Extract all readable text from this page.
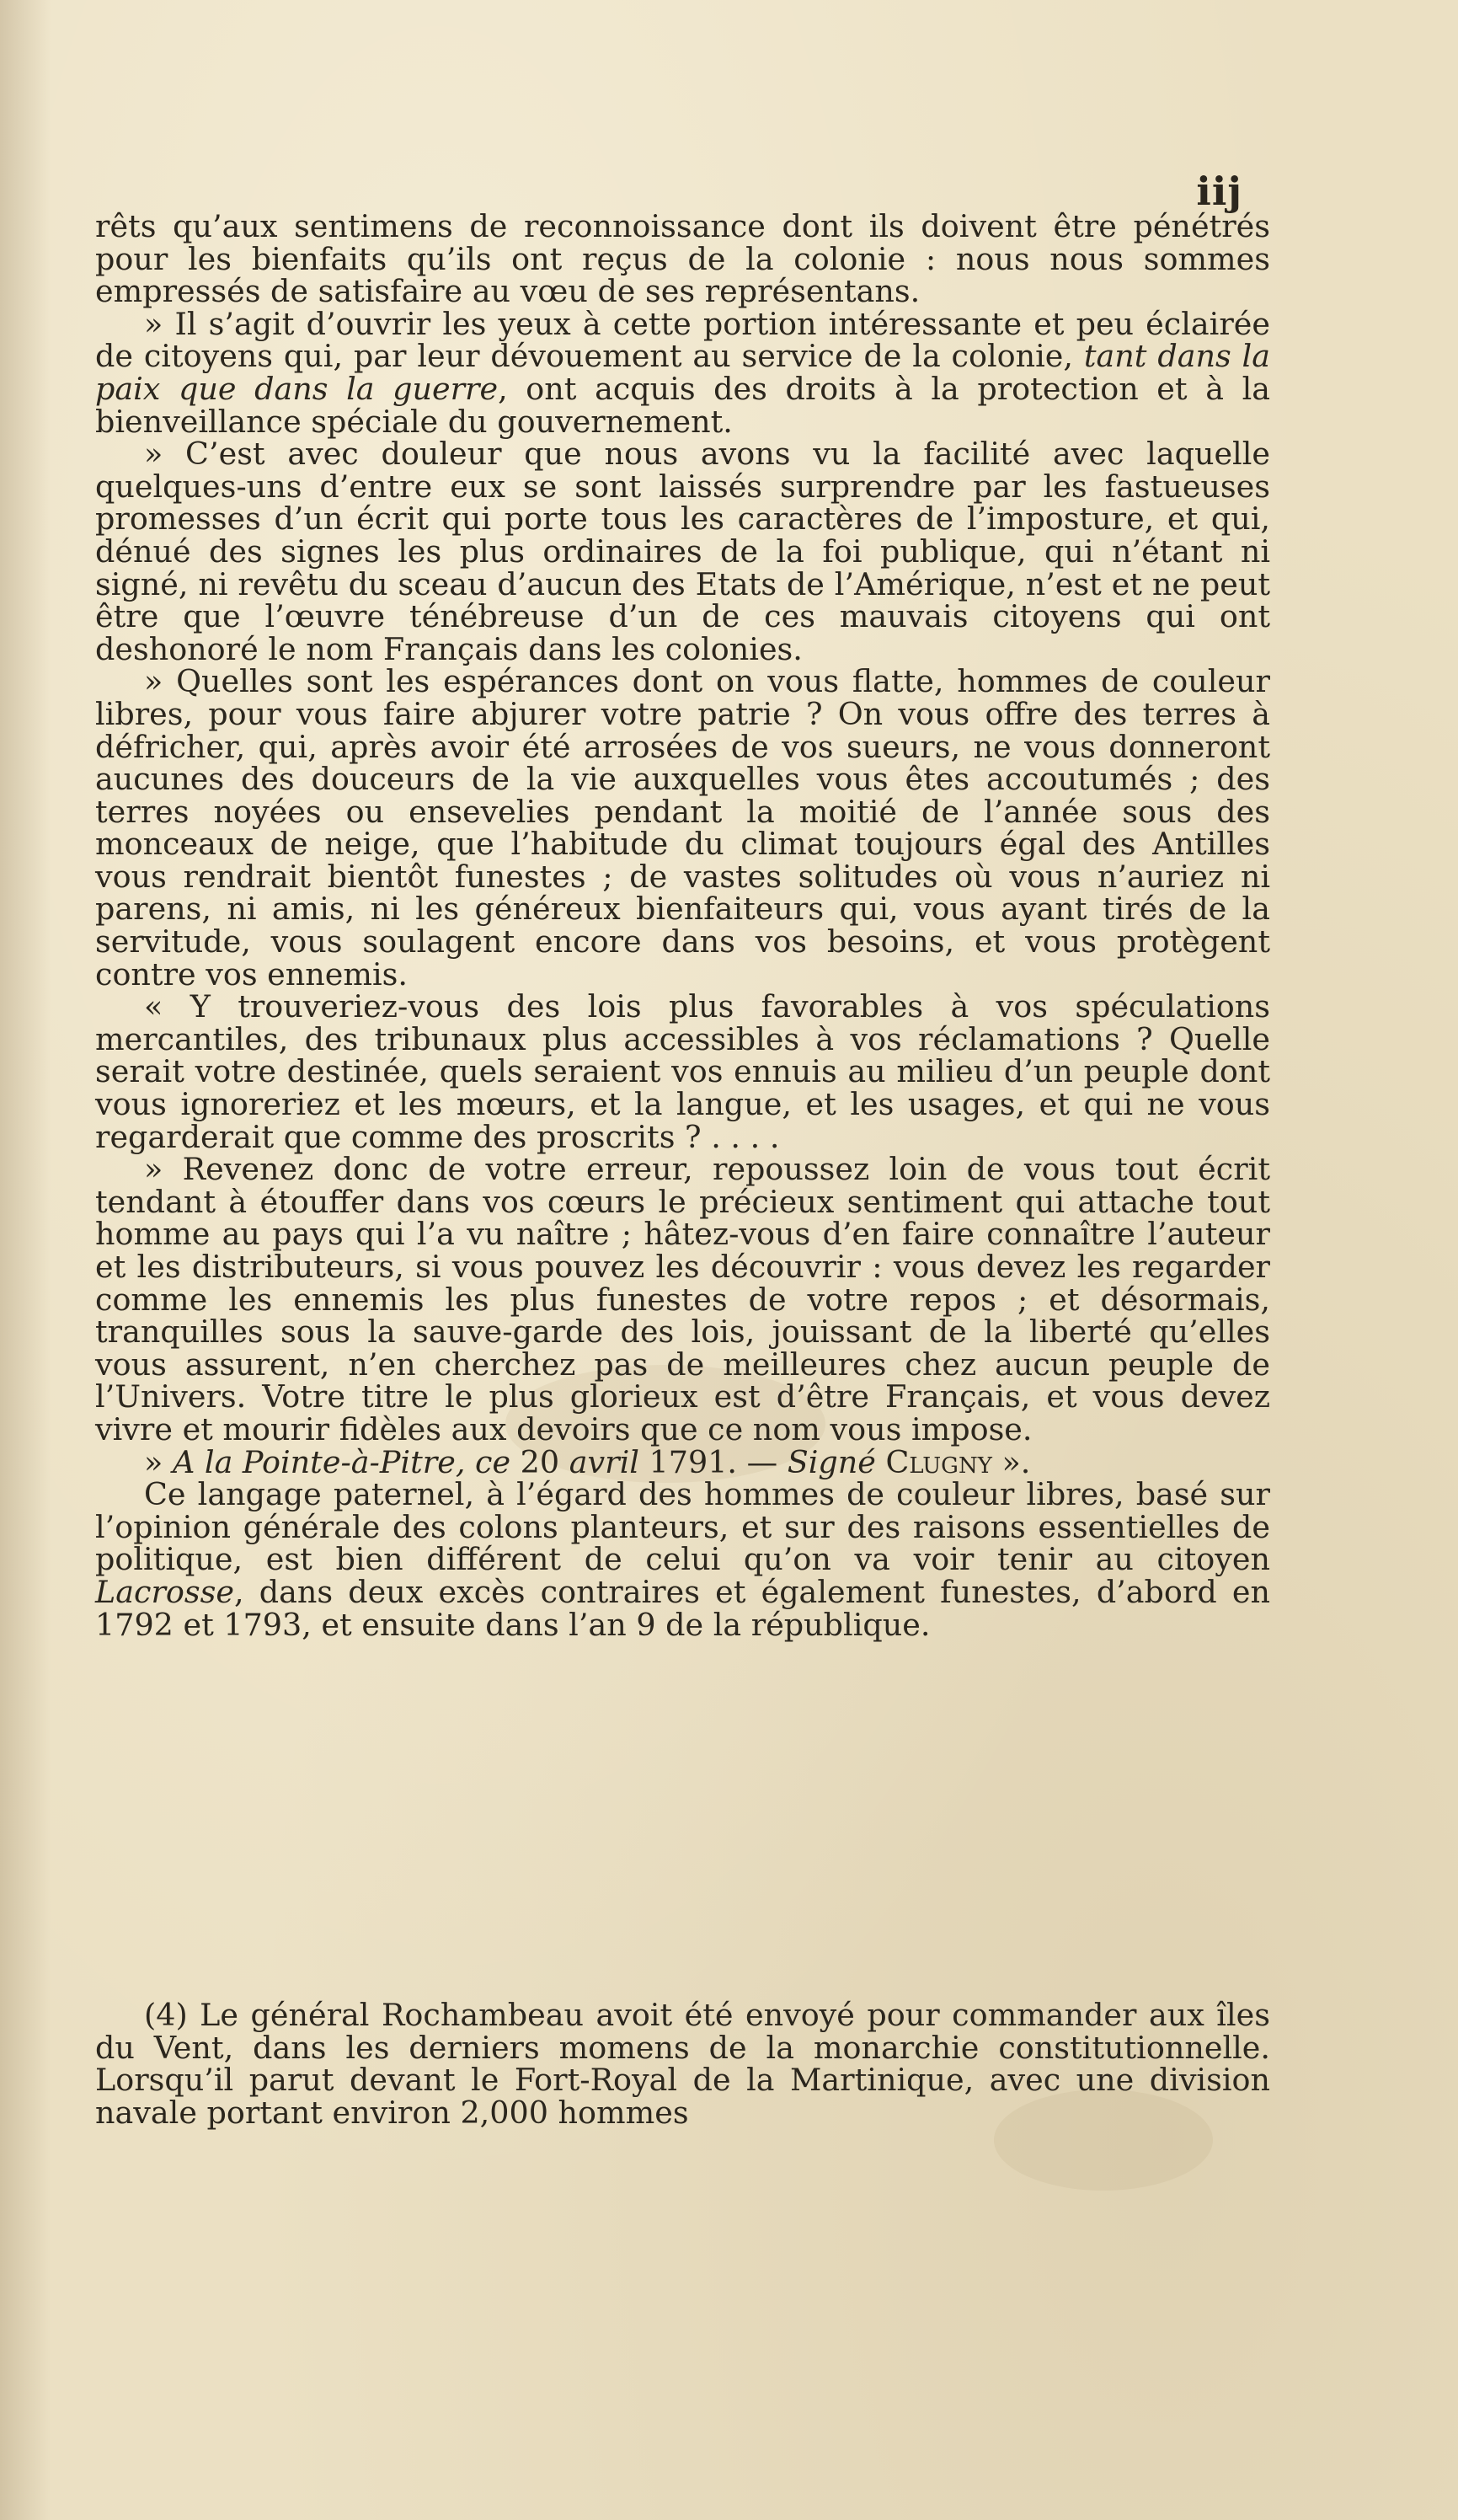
iij

rêts qu’aux sentimens de reconnoissance dont ils doivent être pénétrés pour les bienfaits qu’ils ont reçus de la colonie : nous nous sommes empressés de satisfaire au vœu de ses représentans.

» Il s’agit d’ouvrir les yeux à cette portion intéressante et peu éclairée de citoyens qui, par leur dévouement au service de la colonie, tant dans la paix que dans la guerre, ont acquis des droits à la protection et à la bienveillance spéciale du gouvernement.

» C’est avec douleur que nous avons vu la facilité avec laquelle quelques-uns d’entre eux se sont laissés surprendre par les fastueuses promesses d’un écrit qui porte tous les caractères de l’imposture, et qui, dénué des signes les plus ordinaires de la foi publique, qui n’étant ni signé, ni revêtu du sceau d’aucun des Etats de l’Amérique, n’est et ne peut être que l’œuvre ténébreuse d’un de ces mauvais citoyens qui ont deshonoré le nom Français dans les colonies.

» Quelles sont les espérances dont on vous flatte, hommes de couleur libres, pour vous faire abjurer votre patrie ? On vous offre des terres à défricher, qui, après avoir été arrosées de vos sueurs, ne vous donneront aucunes des douceurs de la vie auxquelles vous êtes accoutumés ; des terres noyées ou ensevelies pendant la moitié de l’année sous des monceaux de neige, que l’habitude du climat toujours égal des Antilles vous rendrait bientôt funestes ; de vastes solitudes où vous n’auriez ni parens, ni amis, ni les généreux bienfaiteurs qui, vous ayant tirés de la servitude, vous soulagent encore dans vos besoins, et vous protègent contre vos ennemis.

« Y trouveriez-vous des lois plus favorables à vos spéculations mercantiles, des tribunaux plus accessibles à vos réclamations ? Quelle serait votre destinée, quels seraient vos ennuis au milieu d’un peuple dont vous ignoreriez et les mœurs, et la langue, et les usages, et qui ne vous regarderait que comme des proscrits ? . . . .

» Revenez donc de votre erreur, repoussez loin de vous tout écrit tendant à étouffer dans vos cœurs le précieux sentiment qui attache tout homme au pays qui l’a vu naître ; hâtez-vous d’en faire connaître l’auteur et les distributeurs, si vous pouvez les découvrir : vous devez les regarder comme les ennemis les plus funestes de votre repos ; et désormais, tranquilles sous la sauve-garde des lois, jouissant de la liberté qu’elles vous assurent, n’en cherchez pas de meilleures chez aucun peuple de l’Univers. Votre titre le plus glorieux est d’être Français, et vous devez vivre et mourir fidèles aux devoirs que ce nom vous impose.

» A la Pointe-à-Pitre, ce 20 avril 1791. — Signé Clugny ».

Ce langage paternel, à l’égard des hommes de couleur libres, basé sur l’opinion générale des colons planteurs, et sur des raisons essentielles de politique, est bien différent de celui qu’on va voir tenir au citoyen Lacrosse, dans deux excès contraires et également funestes, d’abord en 1792 et 1793, et ensuite dans l’an 9 de la république.

(4) Le général Rochambeau avoit été envoyé pour commander aux îles du Vent, dans les derniers momens de la monarchie constitutionnelle. Lorsqu’il parut devant le Fort-Royal de la Martinique, avec une division navale portant environ 2,000 hommes
